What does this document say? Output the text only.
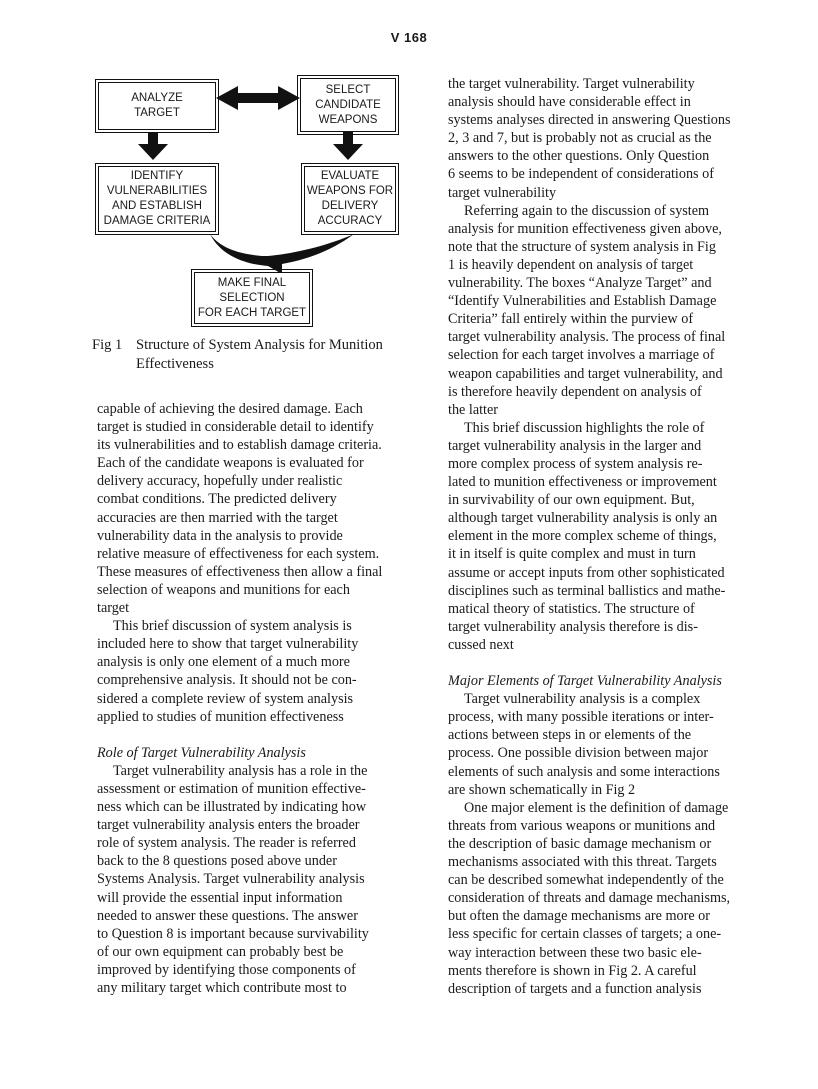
V 168
ANALYZE
TARGET
SELECT
CANDIDATE
WEAPONS
IDENTIFY
VULNERABILITIES
AND ESTABLISH
DAMAGE CRITERIA
EVALUATE
WEAPONS FOR
DELIVERY
ACCURACY
MAKE FINAL
SELECTION
FOR EACH TARGET
Fig 1 Structure of System Analysis for Munition
Effectiveness
capable of achieving the desired damage. Each
target is studied in considerable detail to identify
its vulnerabilities and to establish damage criteria.
Each of the candidate weapons is evaluated for
delivery accuracy, hopefully under realistic
combat conditions. The predicted delivery
accuracies are then married with the target
vulnerability data in the analysis to provide
relative measure of effectiveness for each system.
These measures of effectiveness then allow a final
selection of weapons and munitions for each
target
This brief discussion of system analysis is
included here to show that target vulnerability
analysis is only one element of a much more
comprehensive analysis. It should not be con-
sidered a complete review of system analysis
applied to studies of munition effectiveness
Role of Target Vulnerability Analysis
Target vulnerability analysis has a role in the
assessment or estimation of munition effective-
ness which can be illustrated by indicating how
target vulnerability analysis enters the broader
role of system analysis. The reader is referred
back to the 8 questions posed above under
Systems Analysis. Target vulnerability analysis
will provide the essential input information
needed to answer these questions. The answer
to Question 8 is important because survivability
of our own equipment can probably best be
improved by identifying those components of
any military target which contribute most to
the target vulnerability. Target vulnerability
analysis should have considerable effect in
systems analyses directed in answering Questions
2, 3 and 7, but is probably not as crucial as the
answers to the other questions. Only Question
6 seems to be independent of considerations of
target vulnerability
Referring again to the discussion of system
analysis for munition effectiveness given above,
note that the structure of system analysis in Fig
1 is heavily dependent on analysis of target
vulnerability. The boxes “Analyze Target” and
“Identify Vulnerabilities and Establish Damage
Criteria” fall entirely within the purview of
target vulnerability analysis. The process of final
selection for each target involves a marriage of
weapon capabilities and target vulnerability, and
is therefore heavily dependent on analysis of
the latter
This brief discussion highlights the role of
target vulnerability analysis in the larger and
more complex process of system analysis re-
lated to munition effectiveness or improvement
in survivability of our own equipment. But,
although target vulnerability analysis is only an
element in the more complex scheme of things,
it in itself is quite complex and must in turn
assume or accept inputs from other sophisticated
disciplines such as terminal ballistics and mathe-
matical theory of statistics. The structure of
target vulnerability analysis therefore is dis-
cussed next
Major Elements of Target Vulnerability Analysis
Target vulnerability analysis is a complex
process, with many possible iterations or inter-
actions between steps in or elements of the
process. One possible division between major
elements of such analysis and some interactions
are shown schematically in Fig 2
One major element is the definition of damage
threats from various weapons or munitions and
the description of basic damage mechanism or
mechanisms associated with this threat. Targets
can be described somewhat independently of the
consideration of threats and damage mechanisms,
but often the damage mechanisms are more or
less specific for certain classes of targets; a one-
way interaction between these two basic ele-
ments therefore is shown in Fig 2. A careful
description of targets and a function analysis
